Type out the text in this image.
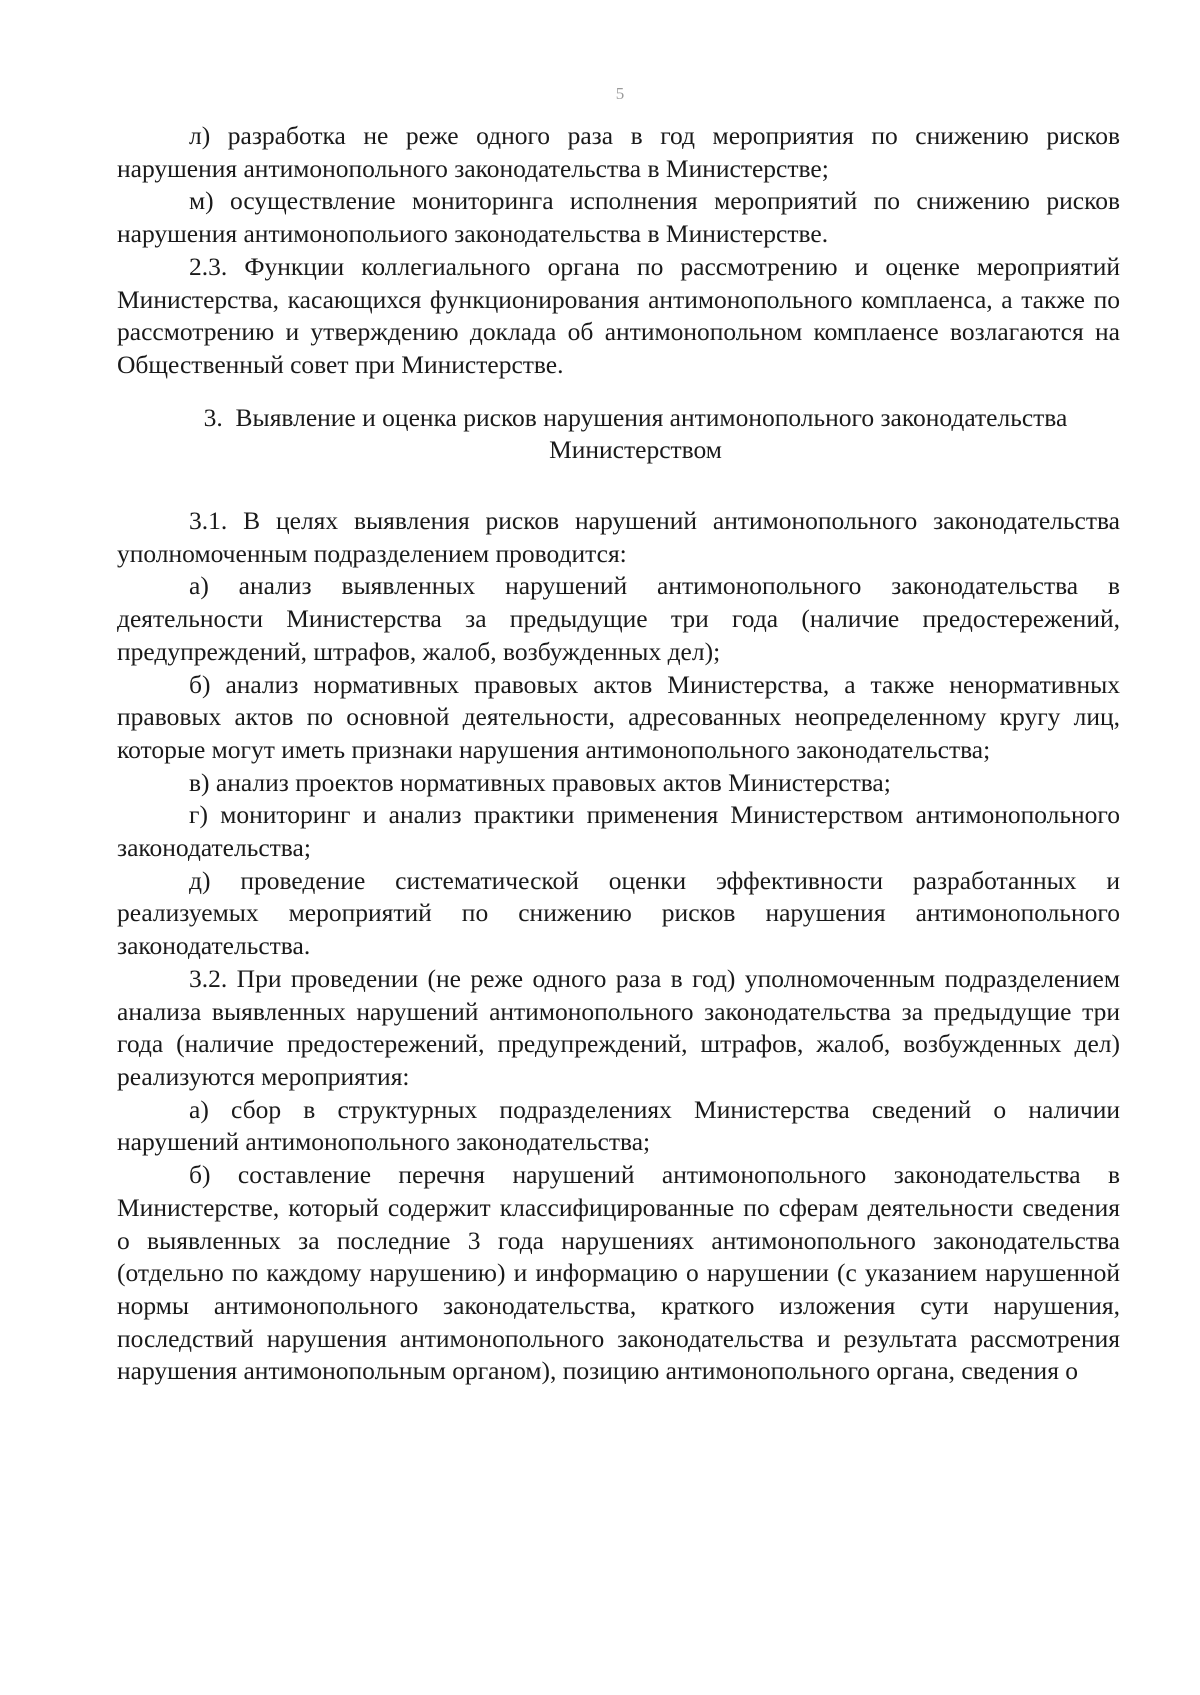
5

л) разработка не реже одного раза в год мероприятия по снижению рисков нарушения антимонопольного законодательства в Министерстве;

м) осуществление мониторинга исполнения мероприятий по снижению рисков нарушения антимонопольиого законодательства в Министерстве.

2.3. Функции коллегиального органа по рассмотрению и оценке мероприятий Министерства, касающихся функционирования антимонопольного комплаенса, а также по рассмотрению и утверждению доклада об антимонопольном комплаенсе возлагаются на Общественный совет при Министерстве.

3. Выявление и оценка рисков нарушения антимонопольного законодательства Министерством

3.1. В целях выявления рисков нарушений антимонопольного законодательства уполномоченным подразделением проводится:

а) анализ выявленных нарушений антимонопольного законодательства в деятельности Министерства за предыдущие три года (наличие предостережений, предупреждений, штрафов, жалоб, возбужденных дел);

б) анализ нормативных правовых актов Министерства, а также ненормативных правовых актов по основной деятельности, адресованных неопределенному кругу лиц, которые могут иметь признаки нарушения антимонопольного законодательства;

в) анализ проектов нормативных правовых актов Министерства;

г) мониторинг и анализ практики применения Министерством антимонопольного законодательства;

д) проведение систематической оценки эффективности разработанных и реализуемых мероприятий по снижению рисков нарушения антимонопольного законодательства.

3.2. При проведении (не реже одного раза в год) уполномоченным подразделением анализа выявленных нарушений антимонопольного законодательства за предыдущие три года (наличие предостережений, предупреждений, штрафов, жалоб, возбужденных дел) реализуются мероприятия:

а) сбор в структурных подразделениях Министерства сведений о наличии нарушений антимонопольного законодательства;

б) составление перечня нарушений антимонопольного законодательства в Министерстве, который содержит классифицированные по сферам деятельности сведения о выявленных за последние 3 года нарушениях антимонопольного законодательства (отдельно по каждому нарушению) и информацию о нарушении (с указанием нарушенной нормы антимонопольного законодательства, краткого изложения сути нарушения, последствий нарушения антимонопольного законодательства и результата рассмотрения нарушения антимонопольным органом), позицию антимонопольного органа, сведения о
